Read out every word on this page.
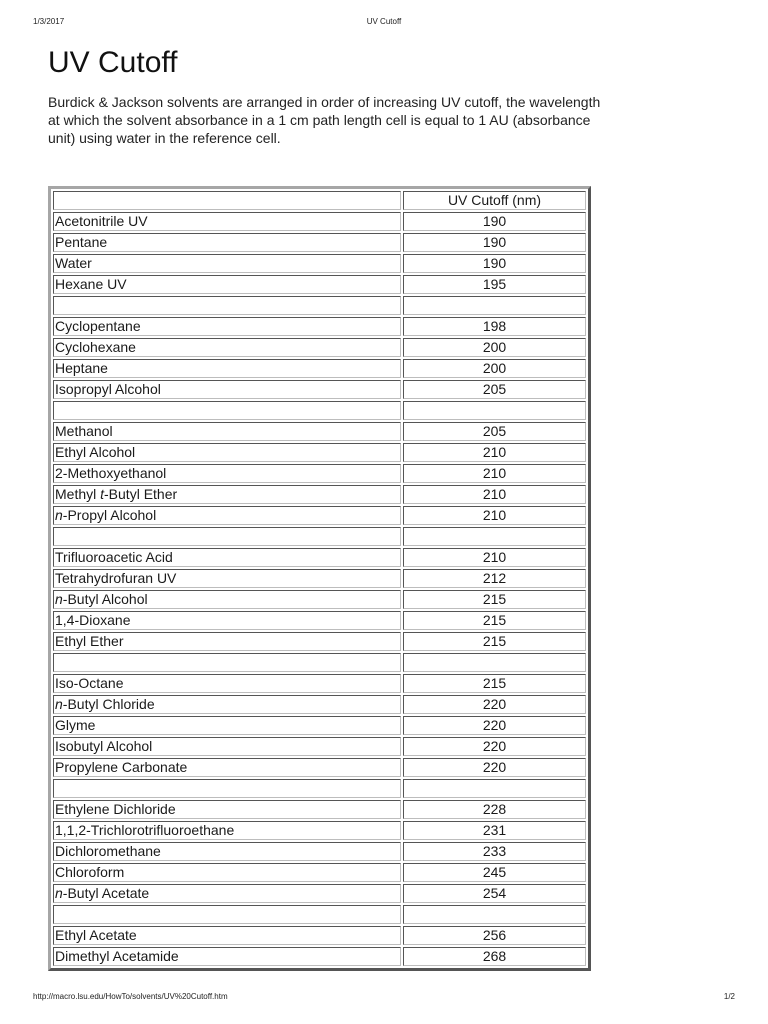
1/3/2017	UV Cutoff
UV Cutoff

Burdick & Jackson solvents are arranged in order of increasing UV cutoff, the wavelength at which the solvent absorbance in a 1 cm path length cell is equal to 1 AU (absorbance unit) using water in the reference cell.

	UV Cutoff (nm)
Acetonitrile UV	190
Pentane	190
Water	190
Hexane UV	195

Cyclopentane	198
Cyclohexane	200
Heptane	200
Isopropyl Alcohol	205

Methanol	205
Ethyl Alcohol	210
2-Methoxyethanol	210
Methyl t-Butyl Ether	210
n-Propyl Alcohol	210

Trifluoroacetic Acid	210
Tetrahydrofuran UV	212
n-Butyl Alcohol	215
1,4-Dioxane	215
Ethyl Ether	215

Iso-Octane	215
n-Butyl Chloride	220
Glyme	220
Isobutyl Alcohol	220
Propylene Carbonate	220

Ethylene Dichloride	228
1,1,2-Trichlorotrifluoroethane	231
Dichloromethane	233
Chloroform	245
n-Butyl Acetate	254

Ethyl Acetate	256
Dimethyl Acetamide	268
http://macro.lsu.edu/HowTo/solvents/UV%20Cutoff.htm	1/2
